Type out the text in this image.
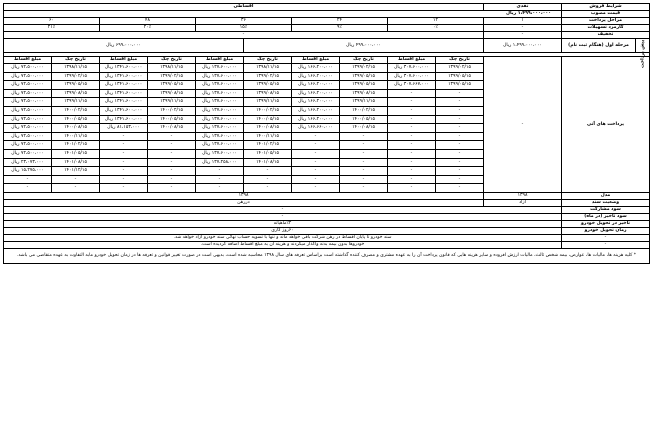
شرایط فروش		نقدی	اقساطی									
قیمت مصوب		۱،۴۹۹،۰۰۰،۰۰۰ ریال										
مراحل پرداخت		۱	۱۲		۲۴		۳۶		۴۸		۶۰	
کارمزد تسهیلات		-	۰٪		۹٪		۱۵٪		۲۰٪		۲۱٪	
تخفیف		-	-									
پیش پرداخت	مرحله اول (هنگام ثبت نام)	۱،۴۹۹،۰۰۰،۰۰۰ ریال	۴۹۹،۰۰۰،۰۰۰ ریال					۶۹۹،۰۰۰،۰۰۰ ریال				

پرداخت های آتی		-	تاریخ چک	مبلغ اقساط	تاریخ چک	مبلغ اقساط	تاریخ چک	مبلغ اقساط	تاریخ چک	مبلغ اقساط	تاریخ چک	مبلغ اقساط
			۱۳۹۹/۰۲/۱۵	۳۰۷،۶۰۰،۰۰۰ ریال	۱۳۹۹/۰۲/۱۵	۱۶۶،۲۰۰،۰۰۰ ریال	۱۳۹۸/۱۱/۱۵	۱۳۷،۶۰۰،۰۰۰ ریال	۱۳۹۸/۱۱/۱۵	۱۳۴۱،۶۰۰،۰۰۰ ریال	۱۳۹۸/۱۱/۱۵	۷۲،۵۰۰،۰۰۰ ریال
			۱۳۹۹/۰۵/۱۵	۳۰۷،۶۰۰،۰۰۰ ریال	۱۳۹۹/۰۵/۱۵	۱۶۶،۲۰۰،۰۰۰ ریال	۱۳۹۹/۰۲/۱۵	۱۳۷،۶۰۰،۰۰۰ ریال	۱۳۹۹/۰۲/۱۵	۱۳۴۱،۶۰۰،۰۰۰ ریال	۱۳۹۹/۰۲/۱۵	۷۲،۵۰۰،۰۰۰ ریال
			۱۳۹۹/۰۵/۱۵	۳۰۷،۶۶۷،۰۰۰ ریال	۱۳۹۹/۰۵/۱۵	۱۶۶،۲۰۰،۰۰۰ ریال	۱۳۹۹/۰۵/۱۵	۱۳۷،۶۰۰،۰۰۰ ریال	۱۳۹۹/۰۵/۱۵	۱۳۴۱،۶۰۰،۰۰۰ ریال	۱۳۹۹/۰۵/۱۵	۷۲،۵۰۰،۰۰۰ ریال
			-	-	۱۳۹۹/۰۸/۱۵	۱۶۶،۲۰۰،۰۰۰ ریال	۱۳۹۹/۰۸/۱۵	۱۳۷،۶۰۰،۰۰۰ ریال	۱۳۹۹/۰۸/۱۵	۱۳۴۱،۶۰۰،۰۰۰ ریال	۱۳۹۹/۰۸/۱۵	۷۲،۵۰۰،۰۰۰ ریال
			-	-	۱۳۹۹/۱۱/۱۵	۱۶۶،۲۰۰،۰۰۰ ریال	۱۳۹۹/۱۱/۱۵	۱۳۷،۶۰۰،۰۰۰ ریال	۱۳۹۹/۱۱/۱۵	۱۳۴۱،۶۰۰،۰۰۰ ریال	۱۳۹۹/۱۱/۱۵	۷۲،۵۰۰،۰۰۰ ریال
			-	-	۱۴۰۰/۰۲/۱۵	۱۶۶،۲۰۰،۰۰۰ ریال	۱۴۰۰/۰۲/۱۵	۱۳۷،۶۰۰،۰۰۰ ریال	۱۴۰۰/۰۲/۱۵	۱۳۴۱،۶۰۰،۰۰۰ ریال	۱۴۰۰/۰۲/۱۵	۷۲،۵۰۰،۰۰۰ ریال
			-	-	۱۴۰۰/۰۵/۱۵	۱۶۶،۲۰۰،۰۰۰ ریال	۱۴۰۰/۰۵/۱۵	۱۳۷،۶۰۰،۰۰۰ ریال	۱۴۰۰/۰۵/۱۵	۱۳۴۱،۶۰۰،۰۰۰ ریال	۱۴۰۰/۰۵/۱۵	۷۲،۵۰۰،۰۰۰ ریال
			-	-	۱۴۰۰/۰۸/۱۵	۱۶۶،۶۶۰،۰۰۰ ریال	۱۴۰۰/۰۸/۱۵	۱۳۷،۶۰۰،۰۰۰ ریال	۱۴۰۰/۰۸/۱۵	۸۱،۱۵۳،۰۰۰ ریال	۱۴۰۰/۰۸/۱۵	۷۲،۵۰۰،۰۰۰ ریال
			-	-	-	-	۱۴۰۰/۱۱/۱۵	۱۳۷،۶۰۰،۰۰۰ ریال	-	-	۱۴۰۰/۱۱/۱۵	۷۲،۵۰۰،۰۰۰ ریال
			-	-	-	-	۱۴۰۱/۰۲/۱۵	۱۳۷،۶۰۰،۰۰۰ ریال	-	-	۱۴۰۱/۰۲/۱۵	۷۲،۵۰۰،۰۰۰ ریال
			-	-	-	-	۱۴۰۱/۰۵/۱۵	۱۳۷،۶۰۰،۰۰۰ ریال	-	-	۱۴۰۱/۰۵/۱۵	۷۲،۵۰۰،۰۰۰ ریال
			-	-	-	-	۱۴۰۱/۰۸/۱۵	۱۳۷،۲۵۸،۰۰۰ ریال	-	-	۱۴۰۱/۰۸/۱۵	۲۳،۰۷۳،۰۰۰ ریال
			-	-	-	-	-	-	-	-	۱۴۰۱/۱۲/۱۵	۱۵،۲۷۵،۰۰۰ ریال
			-	-	-	-	-	-	-	-	-	-
			-	-	-	-	-	-	-	-	-	-
مدل		۱۳۹۸	۱۳۹۸									
وضعیت سند		آزاد	دررهن									
سود مشارکت		-										
سود تاخیر (در ماه)		-										
تاخیر در تحویل خودرو		٪۲ماهیانه										
زمان تحویل خودرو		۶۰روز کاری										
-		سند خودرو تا پایان اقساط در رهن شرکت باقی خواهد ماند و تنها با تسویه حساب نهائی سند خودرو آزاد خواهد شد.										
-		خودروها بدون بیمه بدنه واگذار میگردند و هزینه آن به مبلغ اقساط اضافه گردیده است.										
* کلیه هزینه ها، مالیات ها، عوارض، بیمه شخص ثالث، مالیات ارزش افزوده و سایر هزینه هایی که قانون پرداخت آن را به عهده مشتری و مصرف کننده گذاشته است براساس تعرفه های سال ۱۳۹۸ محاسبه شده است، بدیهی است در صورت تغییر قوانین و تعرفه ها در زمان تحویل خودرو مابه التفاوت به عهده متقاضی می باشد.												
